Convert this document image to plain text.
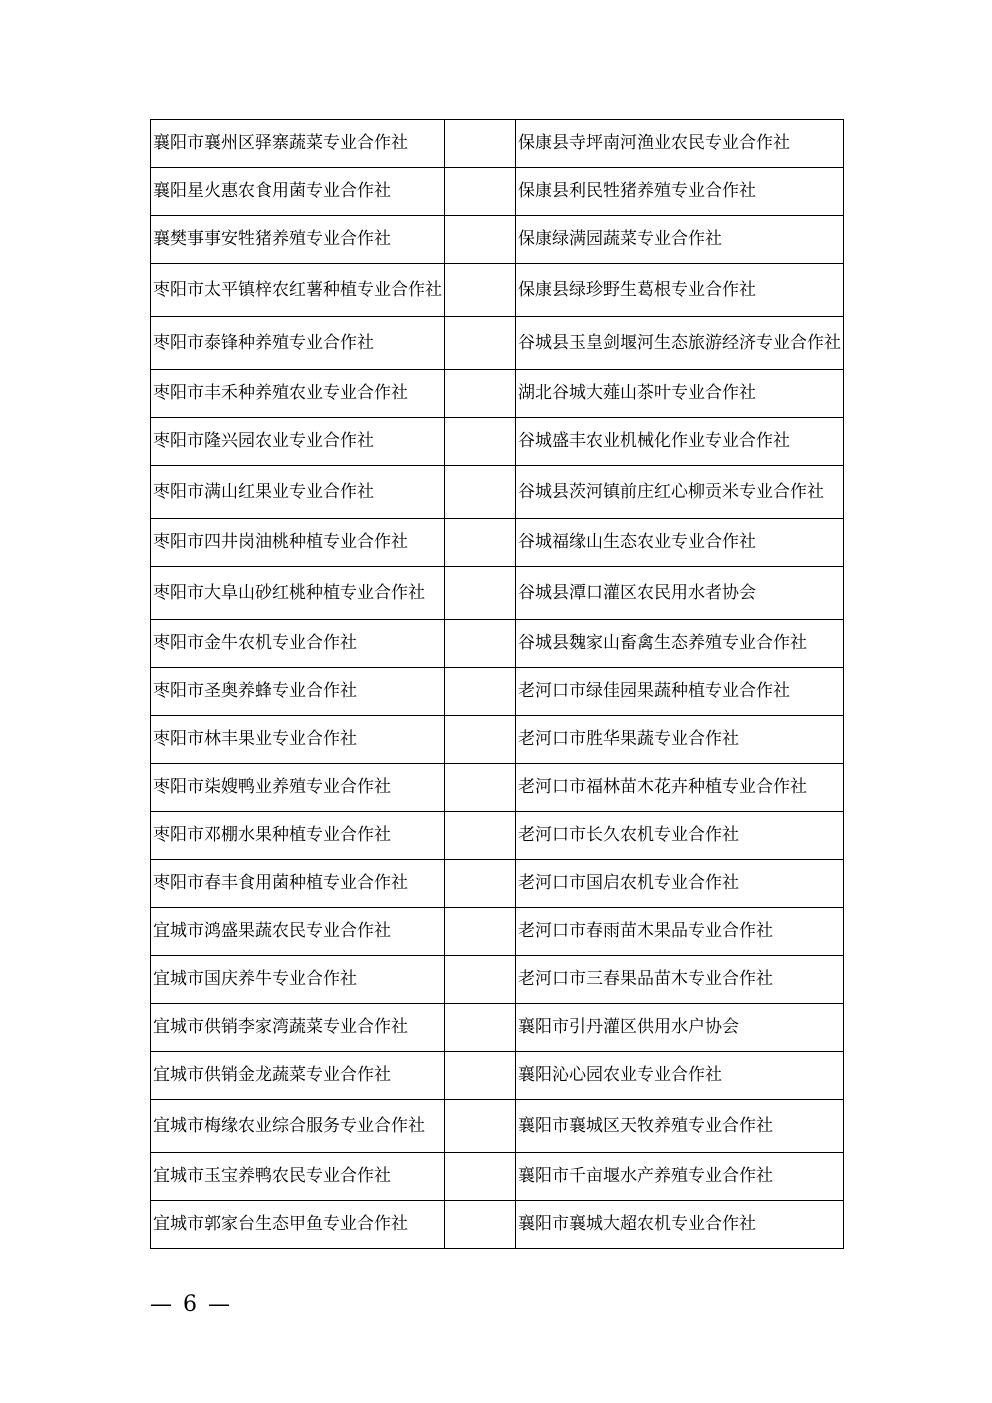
襄阳市襄州区驿寨蔬菜专业合作社		保康县寺坪南河渔业农民专业合作社
襄阳星火惠农食用菌专业合作社		保康县利民牲猪养殖专业合作社
襄樊事事安牲猪养殖专业合作社		保康绿满园蔬菜专业合作社
枣阳市太平镇梓农红薯种植专业合作社		保康县绿珍野生葛根专业合作社
枣阳市泰锋种养殖专业合作社		谷城县玉皇剑堰河生态旅游经济专业合作社
枣阳市丰禾种养殖农业专业合作社		湖北谷城大薤山茶叶专业合作社
枣阳市隆兴园农业专业合作社		谷城盛丰农业机械化作业专业合作社
枣阳市满山红果业专业合作社		谷城县茨河镇前庄红心柳贡米专业合作社
枣阳市四井岗油桃种植专业合作社		谷城福缘山生态农业专业合作社
枣阳市大阜山砂红桃种植专业合作社		谷城县潭口灌区农民用水者协会
枣阳市金牛农机专业合作社		谷城县魏家山畜禽生态养殖专业合作社
枣阳市圣奥养蜂专业合作社		老河口市绿佳园果蔬种植专业合作社
枣阳市林丰果业专业合作社		老河口市胜华果蔬专业合作社
枣阳市柒嫂鸭业养殖专业合作社		老河口市福林苗木花卉种植专业合作社
枣阳市邓棚水果种植专业合作社		老河口市长久农机专业合作社
枣阳市春丰食用菌种植专业合作社		老河口市国启农机专业合作社
宜城市鸿盛果蔬农民专业合作社		老河口市春雨苗木果品专业合作社
宜城市国庆养牛专业合作社		老河口市三春果品苗木专业合作社
宜城市供销李家湾蔬菜专业合作社		襄阳市引丹灌区供用水户协会
宜城市供销金龙蔬菜专业合作社		襄阳沁心园农业专业合作社
宜城市梅缘农业综合服务专业合作社		襄阳市襄城区天牧养殖专业合作社
宜城市玉宝养鸭农民专业合作社		襄阳市千亩堰水产养殖专业合作社
宜城市郭家台生态甲鱼专业合作社		襄阳市襄城大超农机专业合作社
— 6 —
